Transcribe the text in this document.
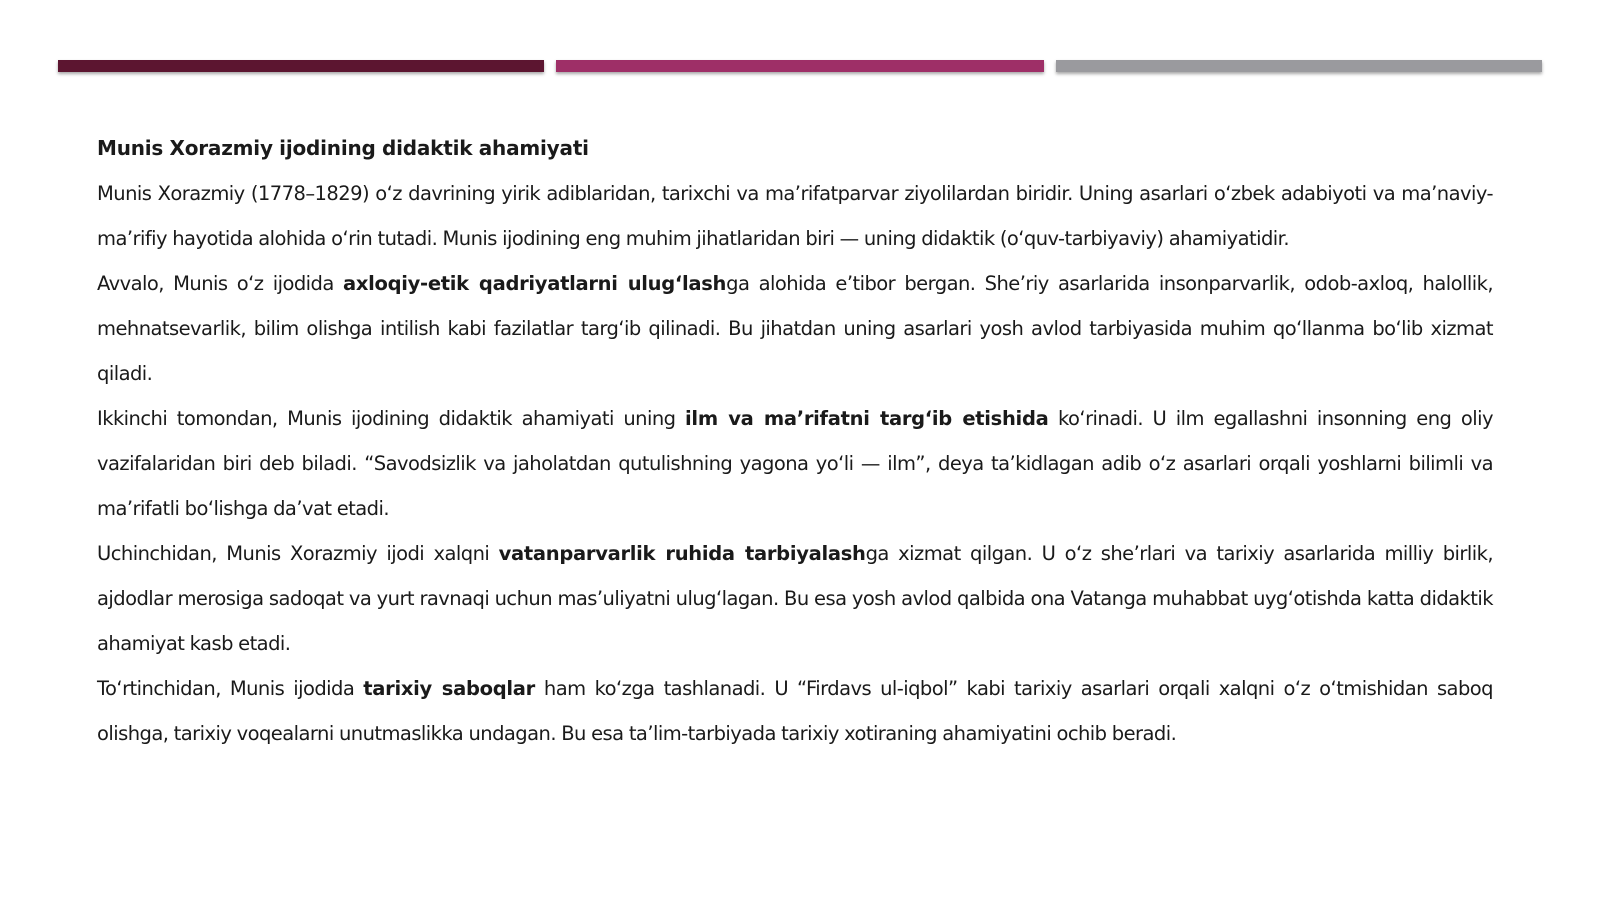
Munis Xorazmiy ijodining didaktik ahamiyati

Munis Xorazmiy (1778–1829) o‘z davrining yirik adiblaridan, tarixchi va ma’rifatparvar ziyolilardan biridir. Uning asarlari o‘zbek adabiyoti va ma’naviy-ma’rifiy hayotida alohida o‘rin tutadi. Munis ijodining eng muhim jihatlaridan biri — uning didaktik (o‘quv-tarbiyaviy) ahamiyatidir.

Avvalo, Munis o‘z ijodida axloqiy-etik qadriyatlarni ulug‘lashga alohida e’tibor bergan. She’riy asarlarida insonparvarlik, odob-axloq, halollik, mehnatsevarlik, bilim olishga intilish kabi fazilatlar targ‘ib qilinadi. Bu jihatdan uning asarlari yosh avlod tarbiyasida muhim qo‘llanma bo‘lib xizmat qiladi.

Ikkinchi tomondan, Munis ijodining didaktik ahamiyati uning ilm va ma’rifatni targ‘ib etishida ko‘rinadi. U ilm egallashni insonning eng oliy vazifalaridan biri deb biladi. “Savodsizlik va jaholatdan qutulishning yagona yo‘li — ilm”, deya ta’kidlagan adib o‘z asarlari orqali yoshlarni bilimli va ma’rifatli bo‘lishga da’vat etadi.

Uchinchidan, Munis Xorazmiy ijodi xalqni vatanparvarlik ruhida tarbiyalashga xizmat qilgan. U o‘z she’rlari va tarixiy asarlarida milliy birlik, ajdodlar merosiga sadoqat va yurt ravnaqi uchun mas’uliyatni ulug‘lagan. Bu esa yosh avlod qalbida ona Vatanga muhabbat uyg‘otishda katta didaktik ahamiyat kasb etadi.

To‘rtinchidan, Munis ijodida tarixiy saboqlar ham ko‘zga tashlanadi. U “Firdavs ul-iqbol” kabi tarixiy asarlari orqali xalqni o‘z o‘tmishidan saboq olishga, tarixiy voqealarni unutmaslikka undagan. Bu esa ta’lim-tarbiyada tarixiy xotiraning ahamiyatini ochib beradi.
